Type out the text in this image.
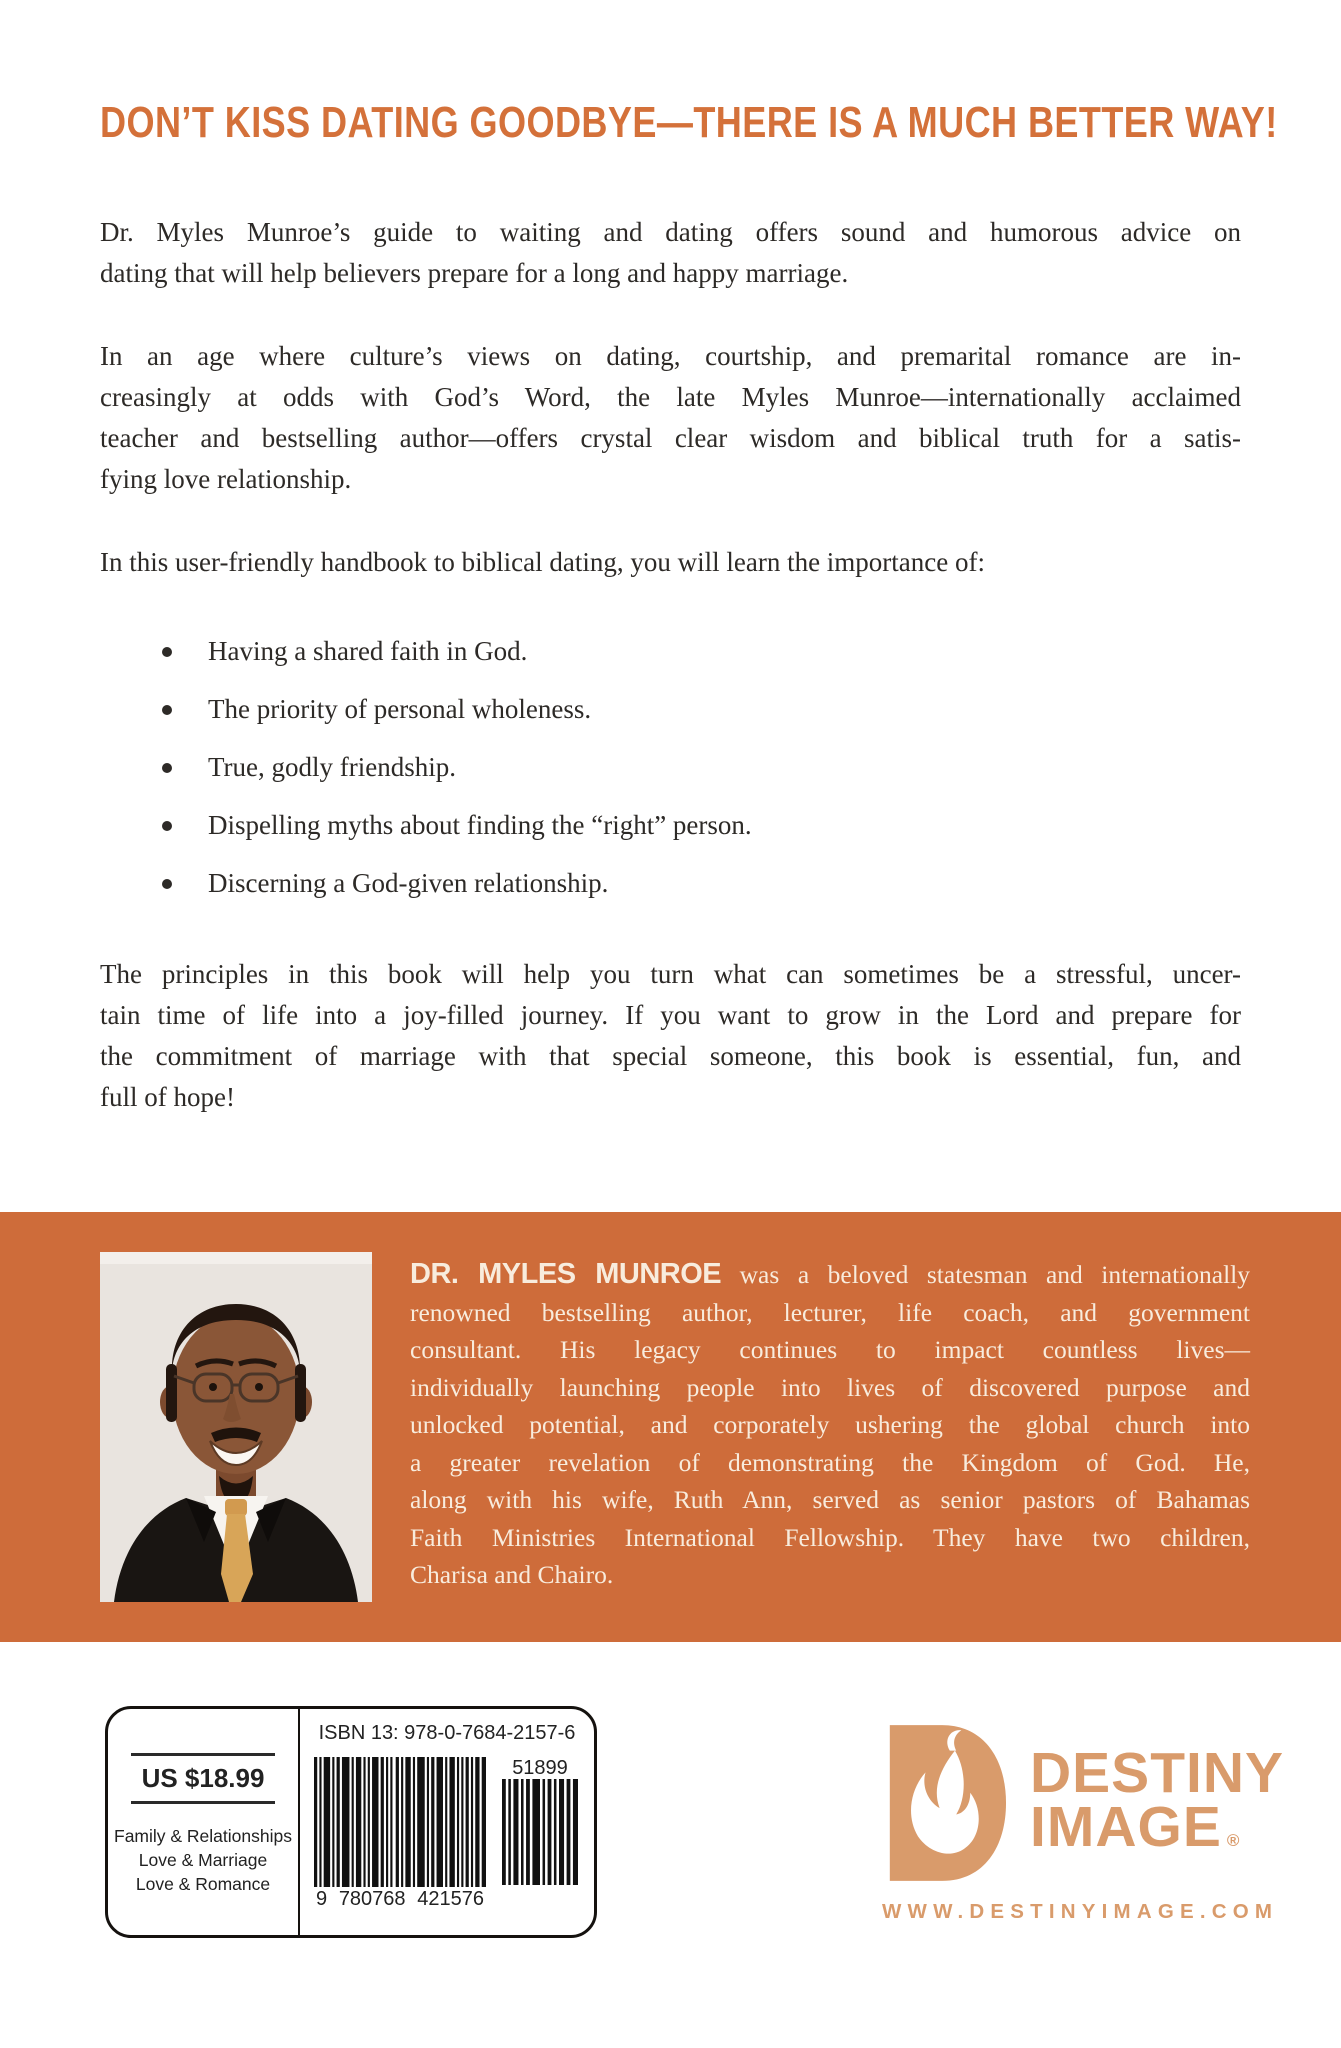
DON’T KISS DATING GOODBYE—THERE IS A MUCH BETTER WAY!
Dr. Myles Munroe’s guide to waiting and dating offers sound and humorous advice on
dating that will help believers prepare for a long and happy marriage.
In an age where culture’s views on dating, courtship, and premarital romance are in-
creasingly at odds with God’s Word, the late Myles Munroe—internationally acclaimed
teacher and bestselling author—offers crystal clear wisdom and biblical truth for a satis-
fying love relationship.

In this user-friendly handbook to biblical dating, you will learn the importance of:

Having a shared faith in God.
The priority of personal wholeness.
True, godly friendship.
Dispelling myths about finding the “right” person.
Discerning a God-given relationship.
The principles in this book will help you turn what can sometimes be a stressful, uncer-
tain time of life into a joy-filled journey. If you want to grow in the Lord and prepare for
the commitment of marriage with that special someone, this book is essential, fun, and
full of hope!
DR. MYLES MUNROE was a beloved statesman and internationally
renowned bestselling author, lecturer, life coach, and government
consultant. His legacy continues to impact countless lives—
individually launching people into lives of discovered purpose and
unlocked potential, and corporately ushering the global church into
a greater revelation of demonstrating the Kingdom of God. He,
along with his wife, Ruth Ann, served as senior pastors of Bahamas
Faith Ministries International Fellowship. They have two children,
Charisa and Chairo.
US $18.99
Family & Relationships
Love & Marriage
Love & Romance
ISBN 13: 978-0-7684-2157-6
9 780768 421576
51899	DESTINY
IMAGE ®
WWW.DESTINYIMAGE.COM
